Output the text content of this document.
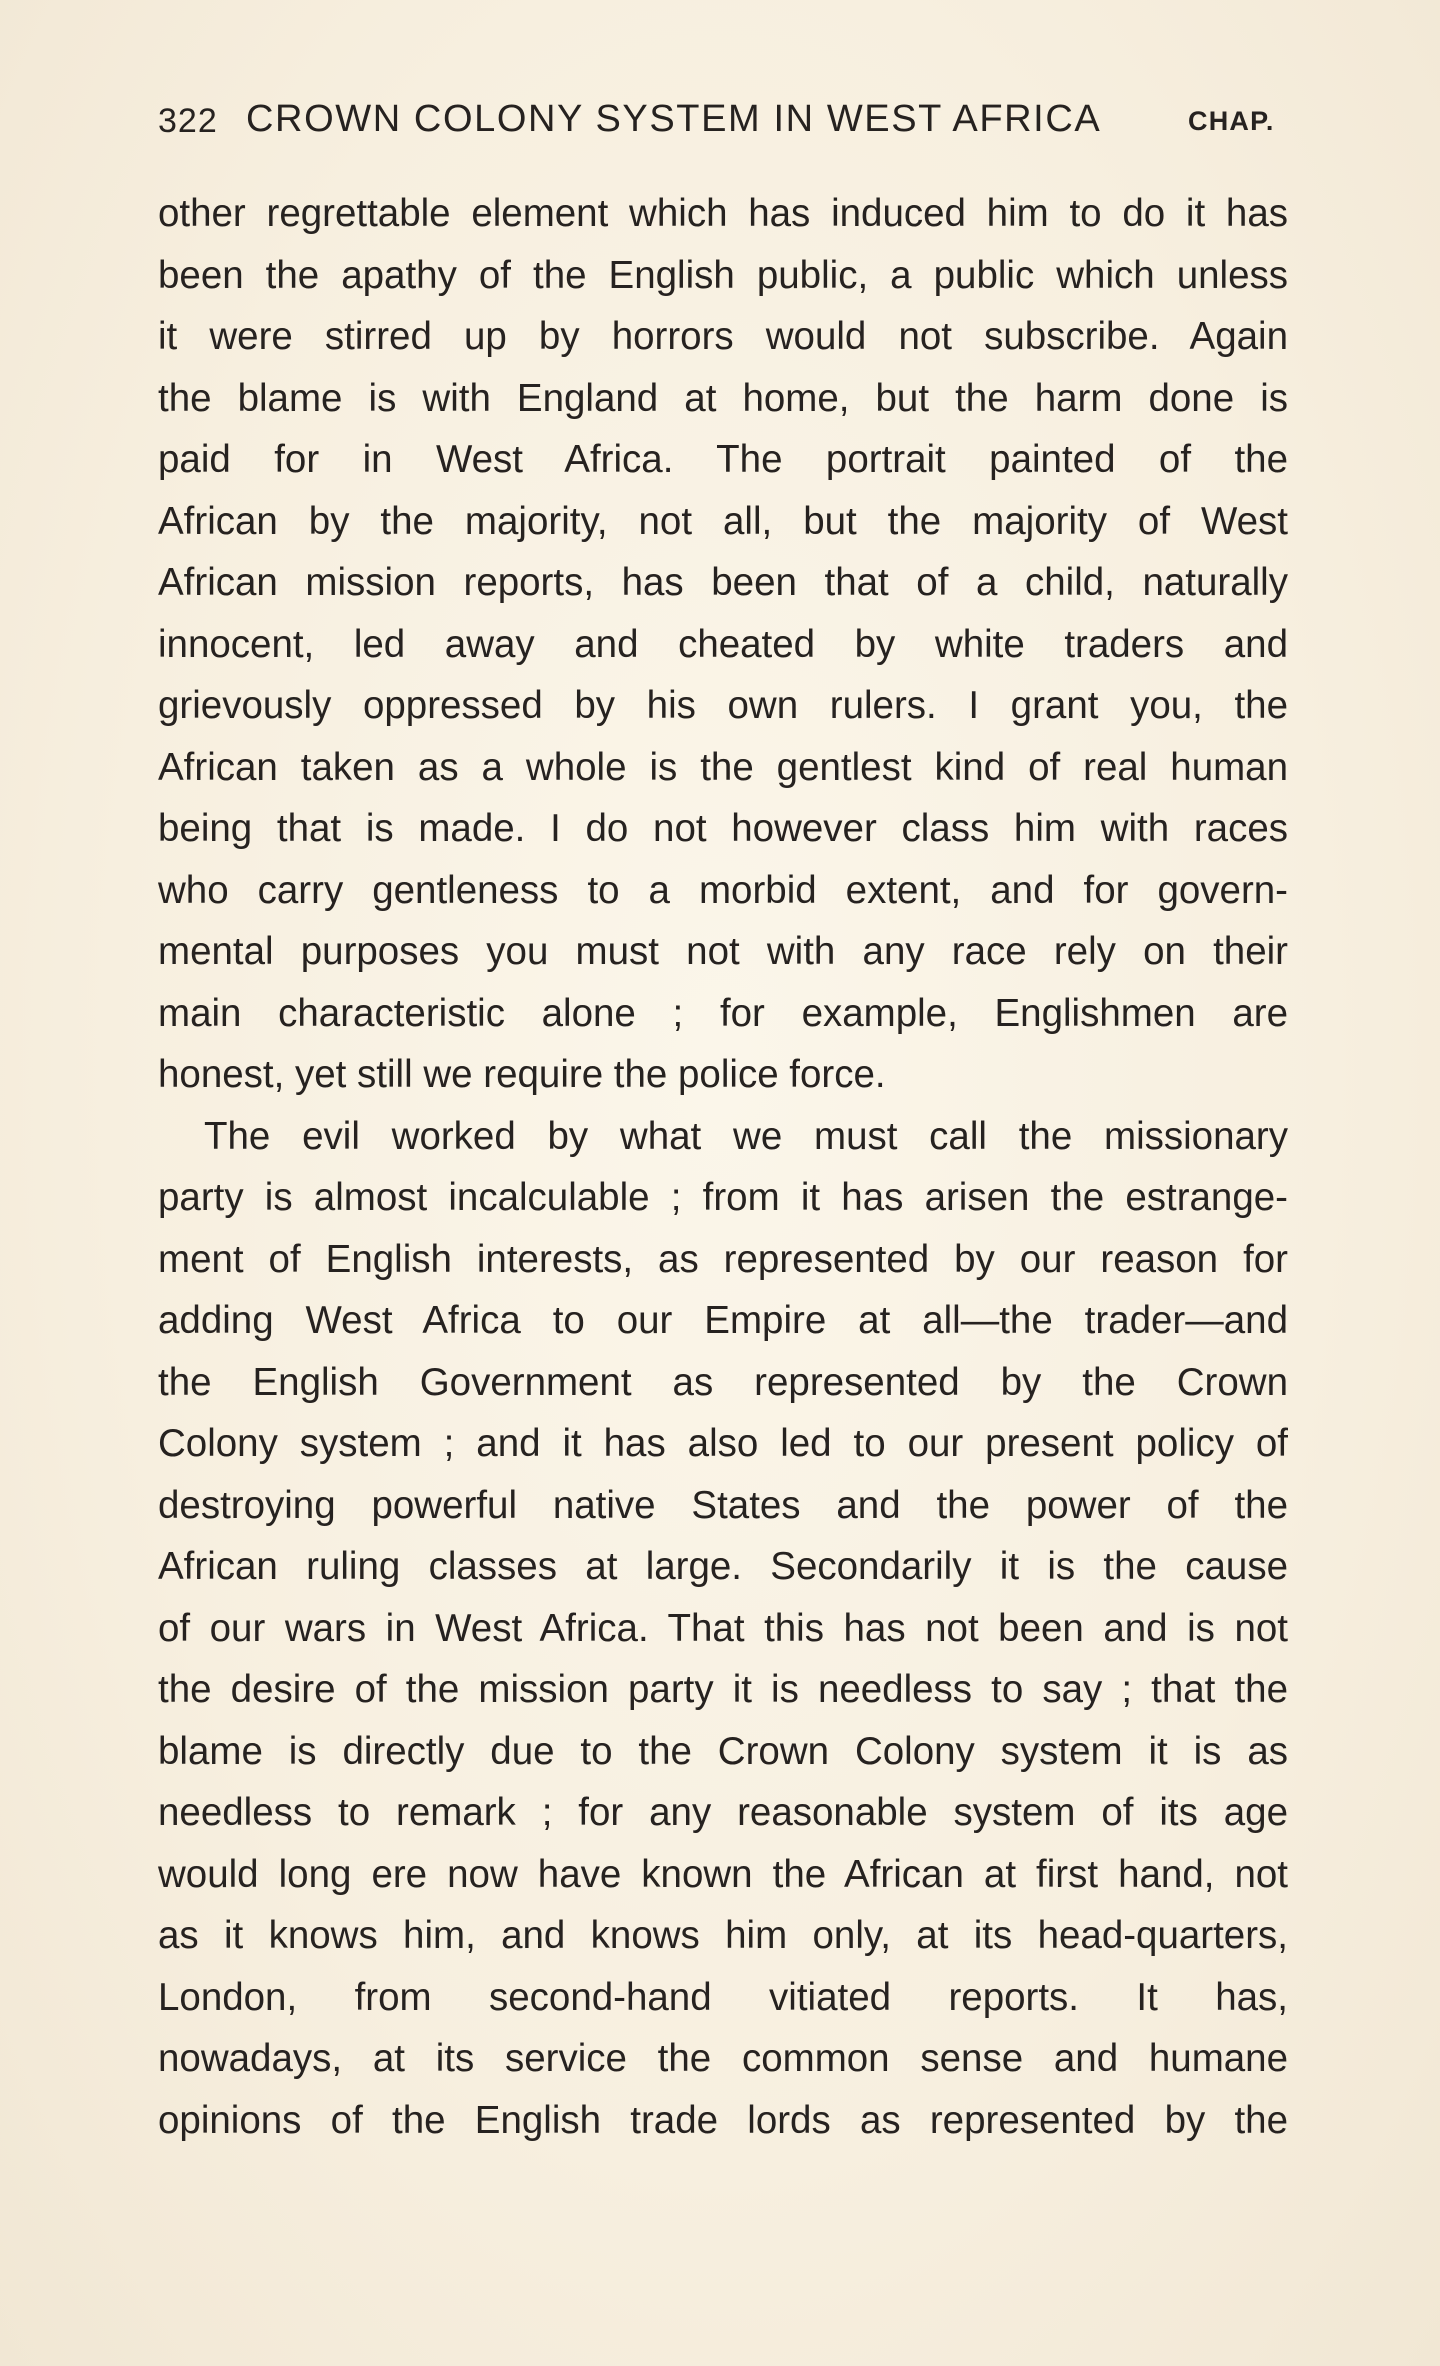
322 CROWN COLONY SYSTEM IN WEST AFRICA	CHAP.
other regrettable element which has induced him to do it has
been the apathy of the English public, a public which unless
it were stirred up by horrors would not subscribe. Again
the blame is with England at home, but the harm done is
paid for in West Africa. The portrait painted of the
African by the majority, not all, but the majority of West
African mission reports, has been that of a child, naturally
innocent, led away and cheated by white traders and
grievously oppressed by his own rulers. I grant you, the
African taken as a whole is the gentlest kind of real human
being that is made. I do not however class him with races
who carry gentleness to a morbid extent, and for govern-
mental purposes you must not with any race rely on their
main characteristic alone ; for example, Englishmen are
honest, yet still we require the police force.
The evil worked by what we must call the missionary
party is almost incalculable ; from it has arisen the estrange-
ment of English interests, as represented by our reason for
adding West Africa to our Empire at all—the trader—and
the English Government as represented by the Crown
Colony system ; and it has also led to our present policy of
destroying powerful native States and the power of the
African ruling classes at large. Secondarily it is the cause
of our wars in West Africa. That this has not been and is not
the desire of the mission party it is needless to say ; that the
blame is directly due to the Crown Colony system it is as
needless to remark ; for any reasonable system of its age
would long ere now have known the African at first hand, not
as it knows him, and knows him only, at its head-quarters,
London, from second-hand vitiated reports. It has,
nowadays, at its service the common sense and humane
opinions of the English trade lords as represented by the
